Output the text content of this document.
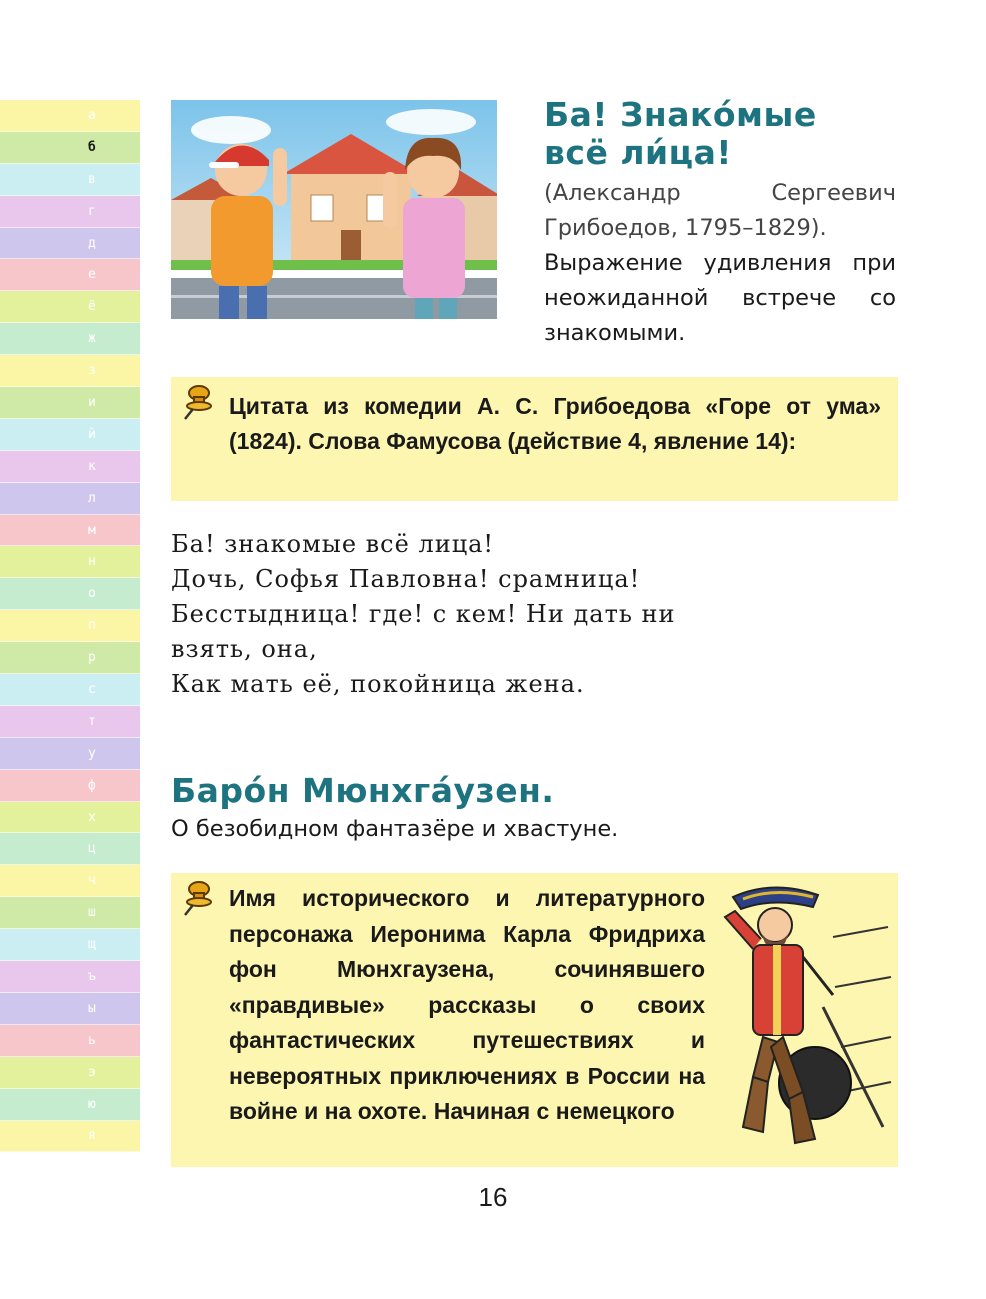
а
б
в
г
д
е
ё
ж
з
и
й
к
л
м
н
о
п
р
с
т
у
ф
х
ц
ч
ш
щ
ъ
ы
ь
э
ю
я
Ба! Знако́мые
всё ли́ца!
(Александр Сергеевич Грибоедов, 1795–1829).
Выражение удивления при неожиданной встрече со знакомыми.
Цитата из комедии А. С. Грибоедова «Горе от ума» (1824). Слова Фамусова (действие 4, явление 14):
Ба! знакомые всё лица!
Дочь, Софья Павловна! срамница!
Бесстыдница! где! с кем! Ни дать ни
взять, она,
Как мать её, покойница жена.
Баро́н Мюнхга́узен.
О безобидном фантазёре и хвастуне.
Имя исторического и литературного персонажа Иеронима Карла Фридриха фон Мюнхгаузена, сочинявшего «правдивые» рассказы о своих фантастических путешествиях и невероятных приключениях в России на войне и на охоте. Начиная с немецкого
16
